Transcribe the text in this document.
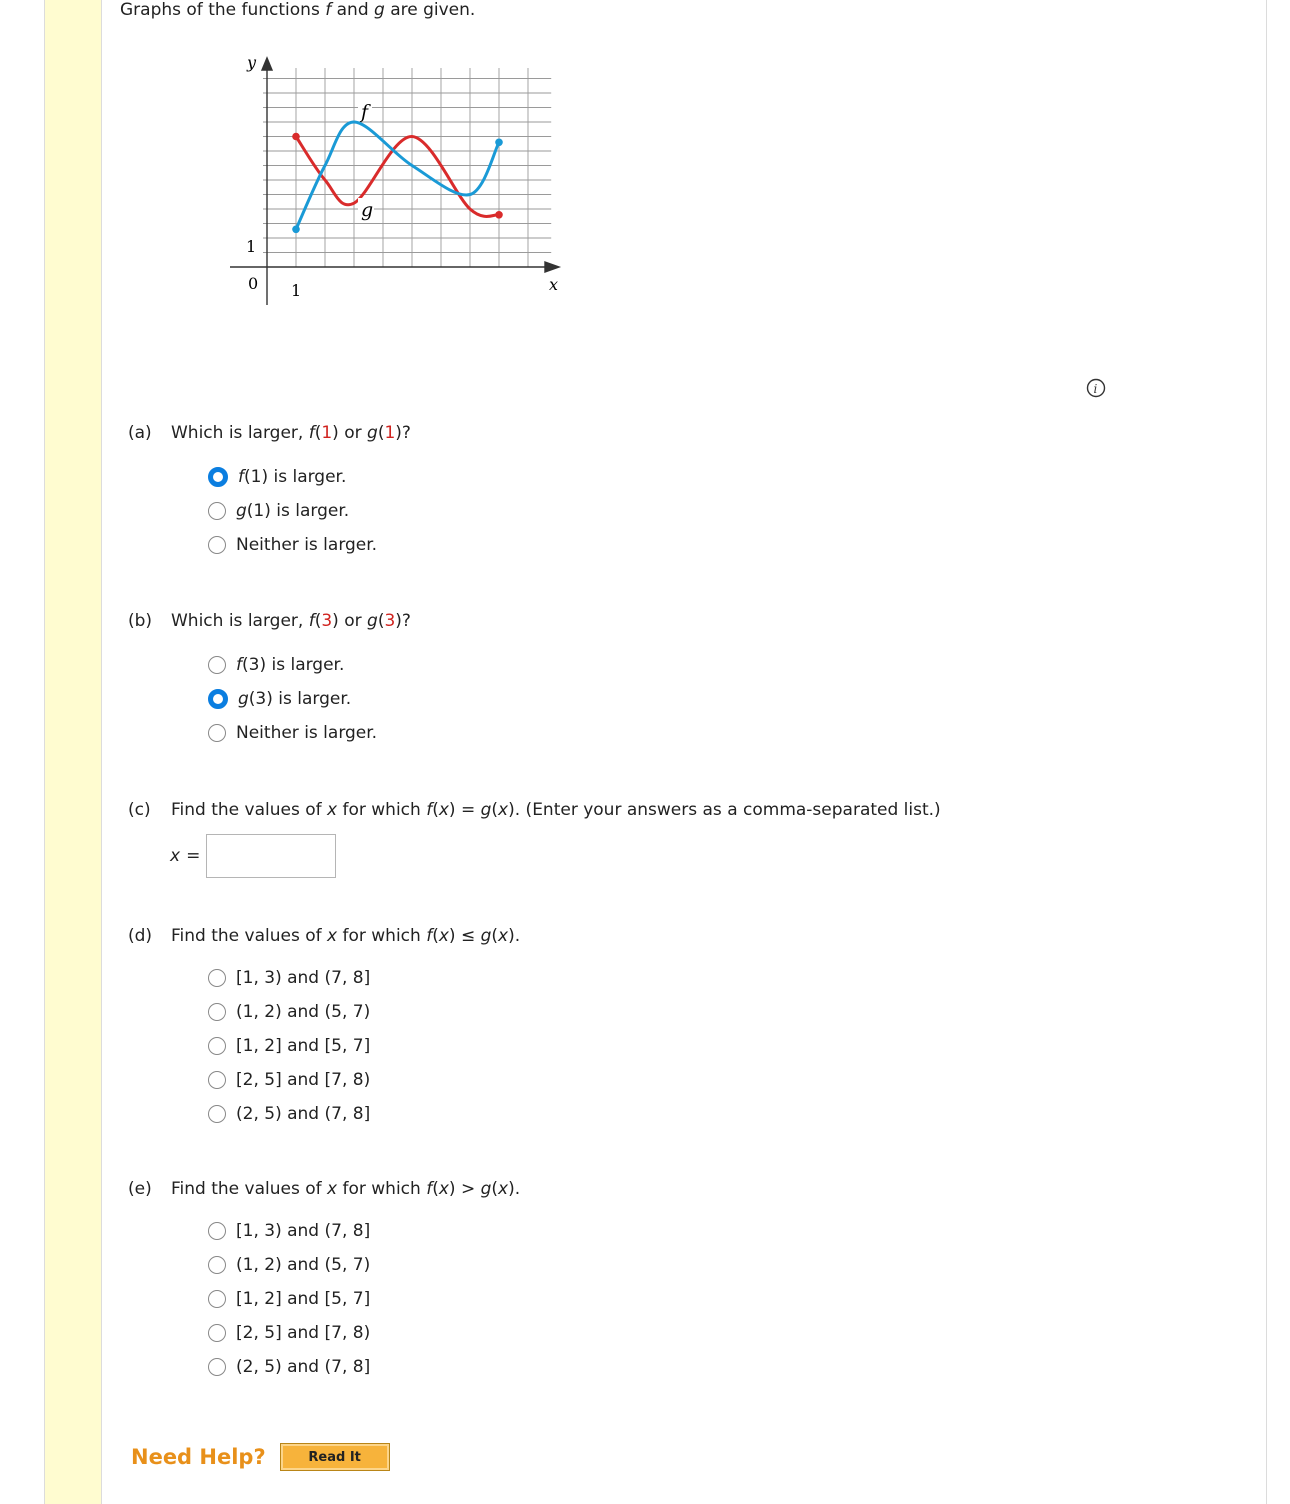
Graphs of the functions f and g are given.
y
x
1
0 1
f
g
i
(a) Which is larger, f(1) or g(1)?
f (1) is larger.
g (1) is larger.
Neither is larger.
(b) Which is larger, f(3) or g(3)?
f (3) is larger.
g (3) is larger.
Neither is larger.
(c) Find the values of x for which f(x) = g(x). (Enter your answers as a comma-separated list.)
x =
(d) Find the values of x for which f(x) ≤ g(x).
[1, 3) and (7, 8]
(1, 2) and (5, 7)
[1, 2] and [5, 7]
[2, 5] and [7, 8)
(2, 5) and (7, 8]
(e) Find the values of x for which f(x) > g(x).
[1, 3) and (7, 8]
(1, 2) and (5, 7)
[1, 2] and [5, 7]
[2, 5] and [7, 8)
(2, 5) and (7, 8]
Need Help?	Read It
